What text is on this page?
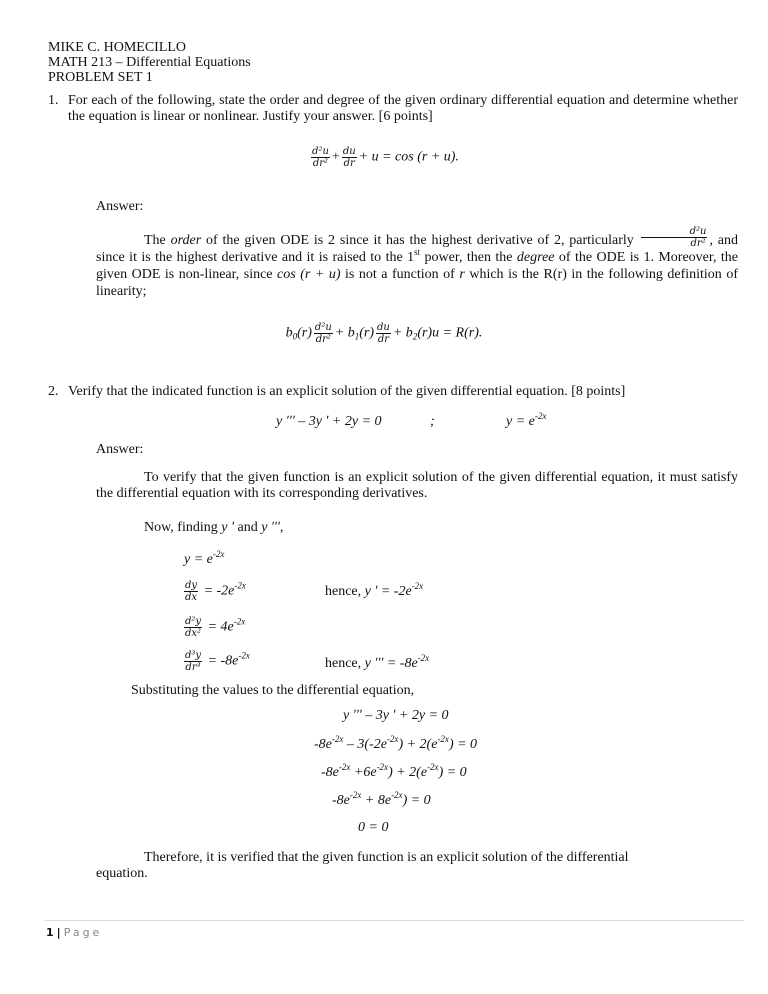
MIKE C. HOMECILLO
MATH 213 – Differential Equations
PROBLEM SET 1
1. For each of the following, state the order and degree of the given ordinary differential equation and determine whether the equation is linear or nonlinear. Justify your answer. [6 points]
$\frac{\text{d²u}}{\text{dr²}} + \frac{du}{dr} + u = \cos (r + u)$.
Answer:
The order of the given ODE is 2 since it has the highest derivative of 2, particularly $\frac{\text{d²u}}{\text{dr²}}$ , and since it is the highest derivative and it is raised to the 1st power, then the degree of the ODE is 1. Moreover, the given ODE is non-linear, since cos (r + u) is not a function of r which is the R(r) in the following definition of linearity;
$b_0(r) \frac{\text{d²u}}{\text{dr²}} + b_1(r) \frac{du}{dr} + b_2(r)u = R(r)$.
2. Verify that the indicated function is an explicit solution of the given differential equation. [8 points]
y ʹʹʹ – 3y ʹ + 2y = 0	;	$y = e^{-2x}$
Answer:
To verify that the given function is an explicit solution of the given differential equation, it must satisfy the differential equation with its corresponding derivatives.
Now, finding y ʹ and y ʹʹʹ,
$y = e^{-2x}$
$\frac{dy}{dx} = -2e^{-2x}$	hence, y ʹ = $-2e^{-2x}$
$\frac{\text{d²y}}{\text{dx²}} = 4e^{-2x}$
$\frac{\text{d³y}}{\text{dr³}} = -8e^{-2x}$
hence, y ʹʹʹ = $-8e^{-2x}$
Substituting the values to the differential equation,
y ʹʹʹ – 3y ʹ + 2y = 0
$-8e^{-2x} - 3(-2e^{-2x}) + 2(e^{-2x}) = 0$
$-8e^{-2x} +6e^{-2x}) + 2(e^{-2x}) = 0$
$-8e^{-2x} + 8e^{-2x}) = 0$
0 = 0
Therefore, it is verified that the given function is an explicit solution of the differential equation.
1 | Page
